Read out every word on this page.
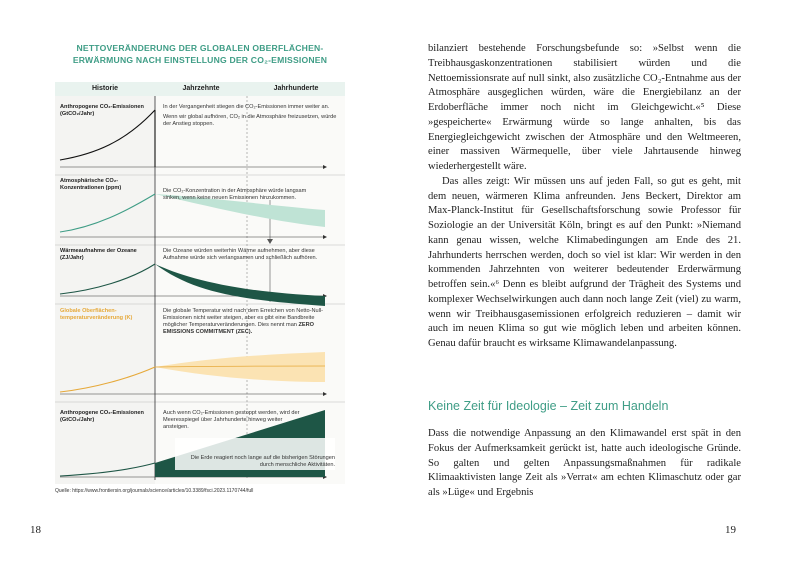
NETTOVERÄNDERUNG DER GLOBALEN OBERFLÄCHEN-ERWÄRMUNG NACH EINSTELLUNG DER CO₂-EMISSIONEN
Historie	Jahrzehnte	Jahrhunderte
Anthropogene CO₂-Emissionen (GtCO₂/Jahr)

In der Vergangenheit stiegen die CO₂-Emissionen immer weiter an.

Wenn wir global aufhören, CO₂ in die Atmosphäre freizusetzen, würde der Anstieg stoppen.

Atmosphärische CO₂-Konzentrationen (ppm)	Die CO₂-Konzentration in der Atmosphäre würde langsam sinken, wenn keine neuen Emissionen hinzukommen.

Wärmeaufnahme der Ozeane (ZJ/Jahr)

Die Ozeane würden weiterhin Wärme aufnehmen, aber diese Aufnahme würde sich verlangsamen und schließlich aufhören.

Globale Oberflächen-temperaturveränderung (K)

Die globale Temperatur wird nach dem Erreichen von Netto-Null-Emissionen nicht weiter steigen, aber es gibt eine Bandbreite möglicher Temperaturveränderungen. Dies nennt man ZERO EMISSIONS COMMITMENT (ZEC).

Anthropogene CO₂-Emissionen (GtCO₂/Jahr)

Auch wenn CO₂-Emissionen gestoppt werden, wird der Meeresspiegel über Jahrhunderte hinweg weiter ansteigen.

Die Erde reagiert noch lange auf die bisherigen Störungen durch menschliche Aktivitäten.

Quelle: https://www.frontiersin.org/journals/science/articles/10.3389/fsci.2023.1170744/full
18

bilanziert bestehende Forschungsbefunde so: »Selbst wenn die Treibhausgaskonzentrationen stabilisiert würden und die Nettoemissionsrate auf null sinkt, also zusätzliche CO₂-Entnahme aus der Atmosphäre ausgeglichen würden, wäre die Energiebilanz an der Erdoberfläche immer noch nicht im Gleichgewicht.«⁵ Diese »gespeicherte« Erwärmung würde so lange anhalten, bis das Energiegleichgewicht zwischen der Atmosphäre und den Weltmeeren, einer massiven Wärmequelle, über viele Jahrtausende hinweg wiederhergestellt wäre.

Das alles zeigt: Wir müssen uns auf jeden Fall, so gut es geht, mit dem neuen, wärmeren Klima anfreunden. Jens Beckert, Direktor am Max-Planck-Institut für Gesellschaftsforschung sowie Professor für Soziologie an der Universität Köln, bringt es auf den Punkt: »Niemand kann genau wissen, welche Klimabedingungen am Ende des 21. Jahrhunderts herrschen werden, doch so viel ist klar: Wir werden in den kommenden Jahrzehnten von weiterer bedeutender Erderwärmung betroffen sein.«⁶ Denn es bleibt aufgrund der Trägheit des Systems und komplexer Wechselwirkungen auch dann noch lange Zeit (viel) zu warm, wenn wir Treibhausgasemissionen erfolgreich reduzieren – damit wir auch im neuen Klima so gut wie möglich leben und arbeiten können. Genau dafür braucht es wirksame Klimawandelanpassung.

Keine Zeit für Ideologie – Zeit zum Handeln

Dass die notwendige Anpassung an den Klimawandel erst spät in den Fokus der Aufmerksamkeit gerückt ist, hatte auch ideologische Gründe. So galten und gelten Anpassungsmaßnahmen für radikale Klimaaktivisten lange Zeit als »Verrat« am echten Klimaschutz oder gar als »Lüge« und Ergebnis

19
